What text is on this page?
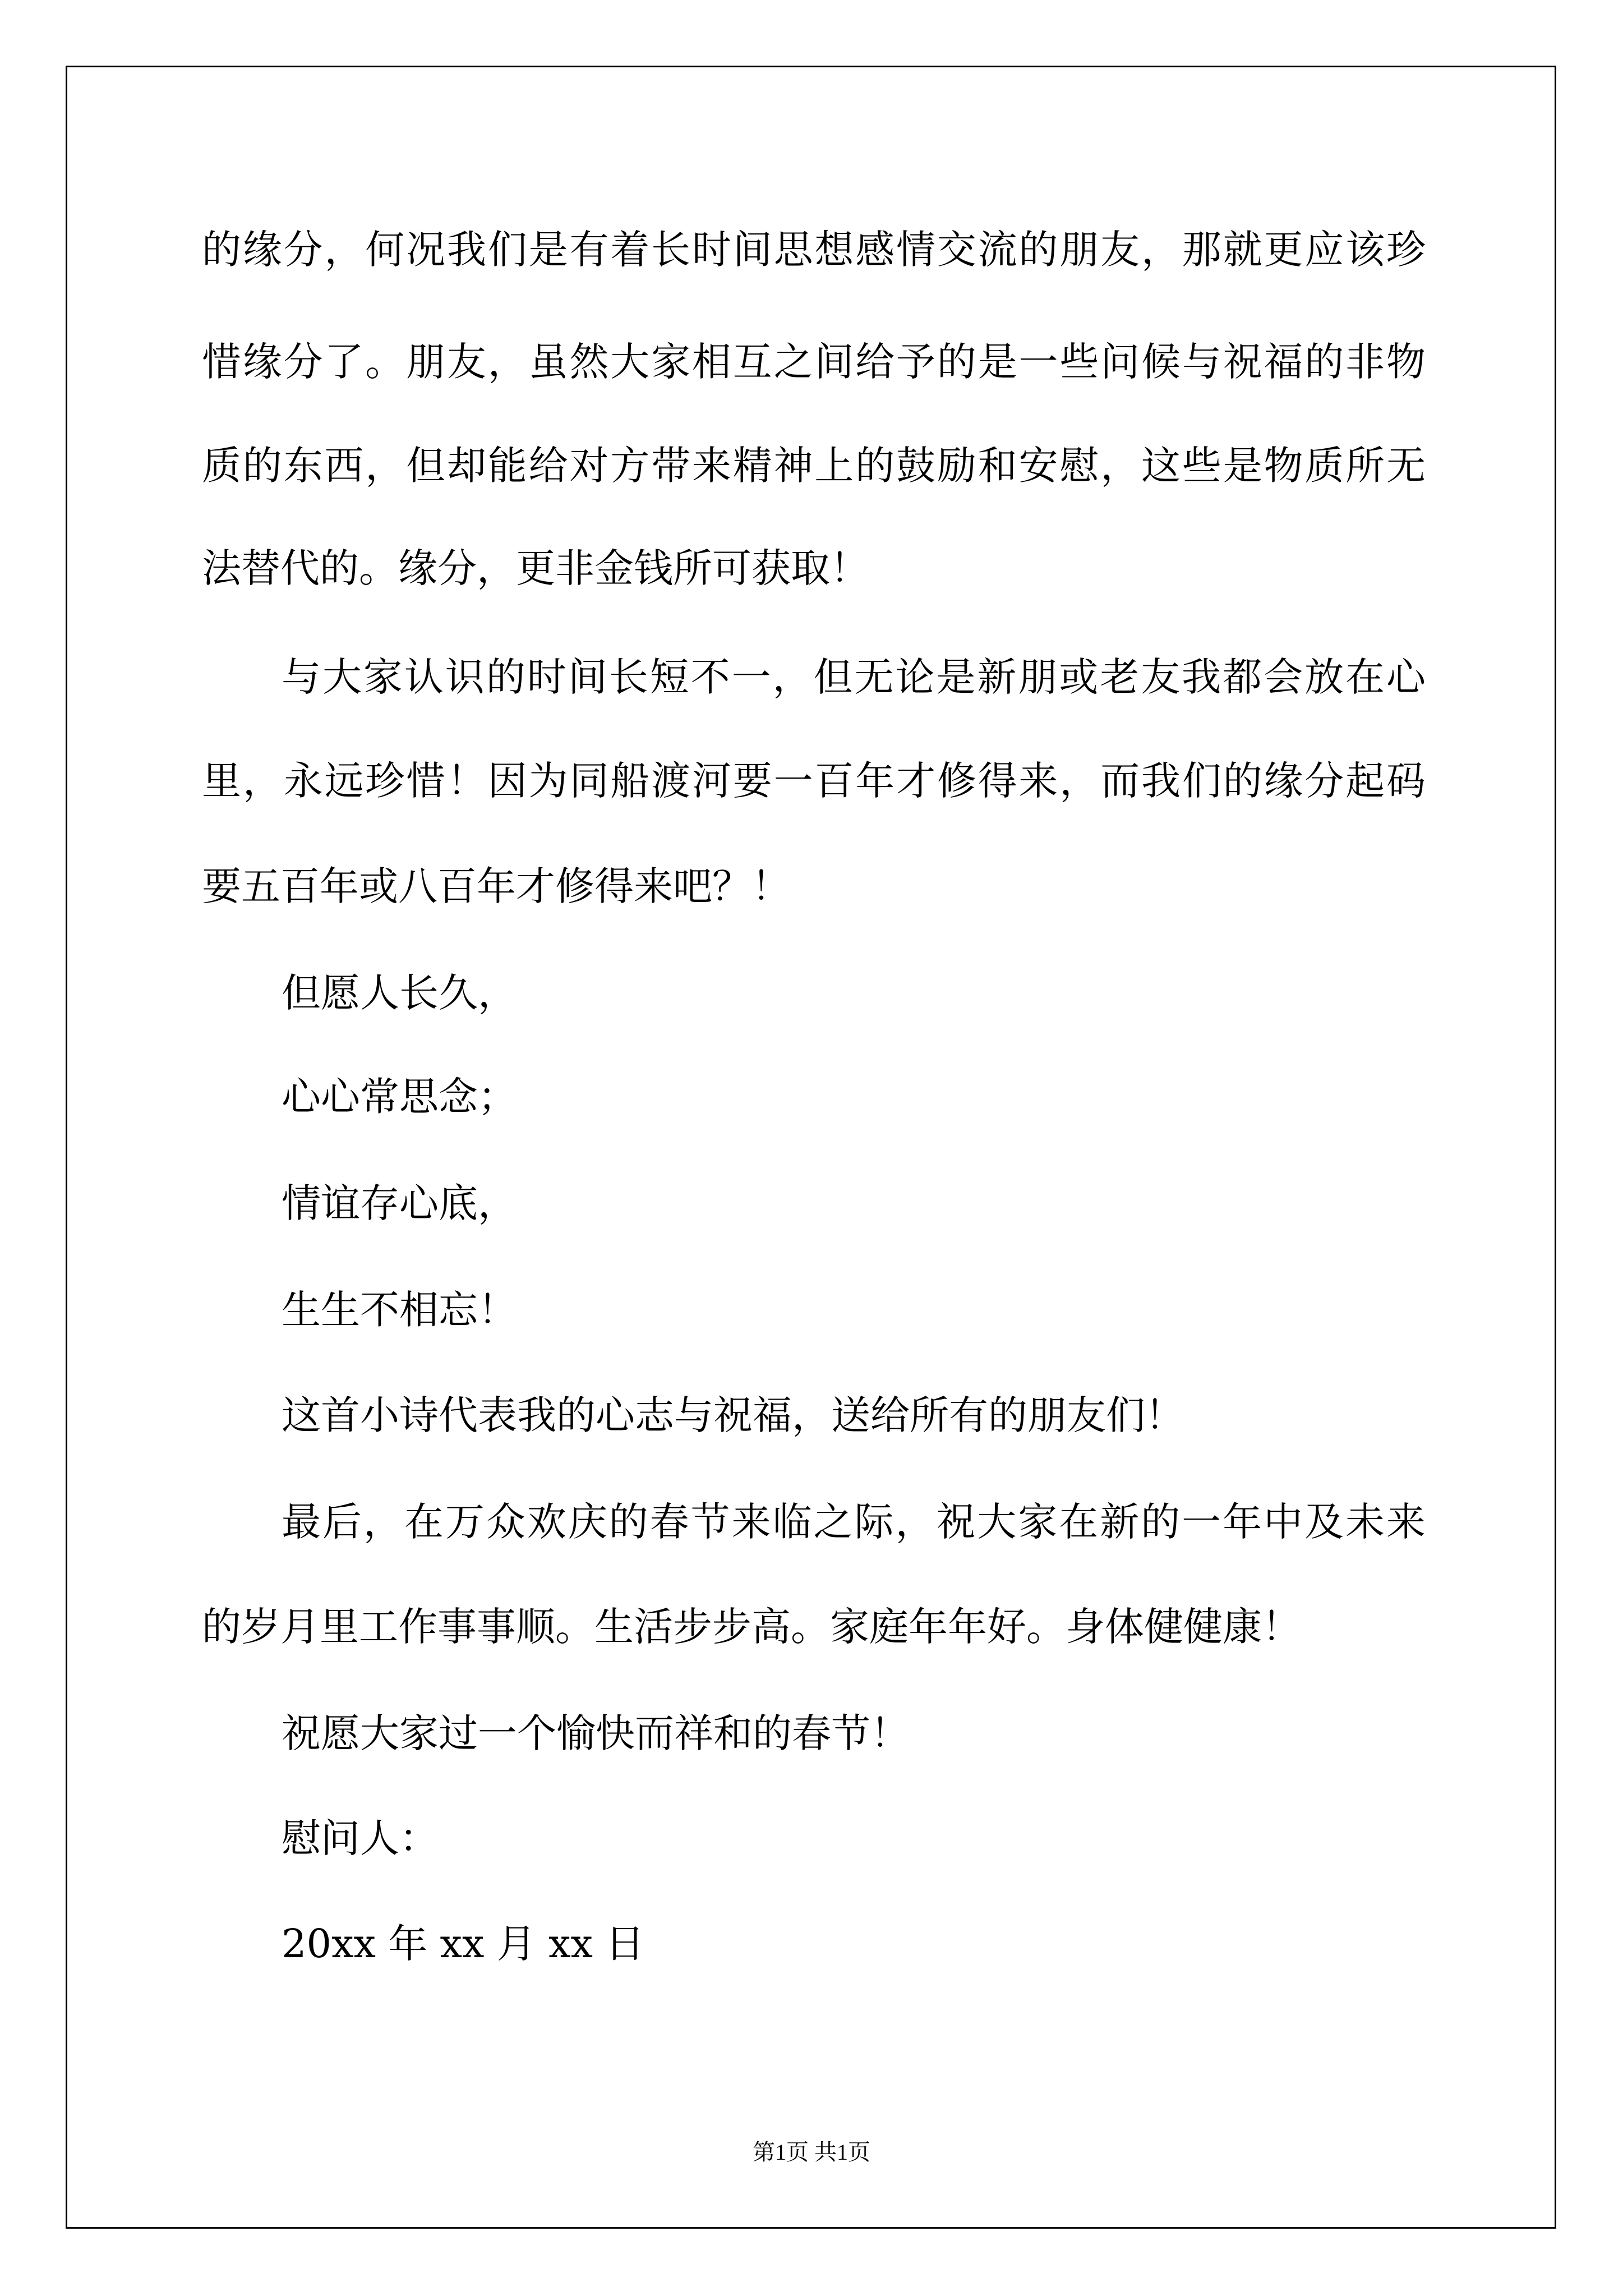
的缘分，何况我们是有着长时间思想感情交流的朋友，那就更应该珍
惜缘分了。朋友，虽然大家相互之间给予的是一些问候与祝福的非物
质的东西，但却能给对方带来精神上的鼓励和安慰，这些是物质所无
法替代的。缘分，更非金钱所可获取！
与大家认识的时间长短不一，但无论是新朋或老友我都会放在心
里，永远珍惜！因为同船渡河要一百年才修得来，而我们的缘分起码
要五百年或八百年才修得来吧？！
但愿人长久，
心心常思念；
情谊存心底，
生生不相忘！
这首小诗代表我的心志与祝福，送给所有的朋友们！
最后，在万众欢庆的春节来临之际，祝大家在新的一年中及未来
的岁月里工作事事顺。生活步步高。家庭年年好。身体健健康！
祝愿大家过一个愉快而祥和的春节！
慰问人：
20xx 年 xx 月 xx 日
第1页 共1页
